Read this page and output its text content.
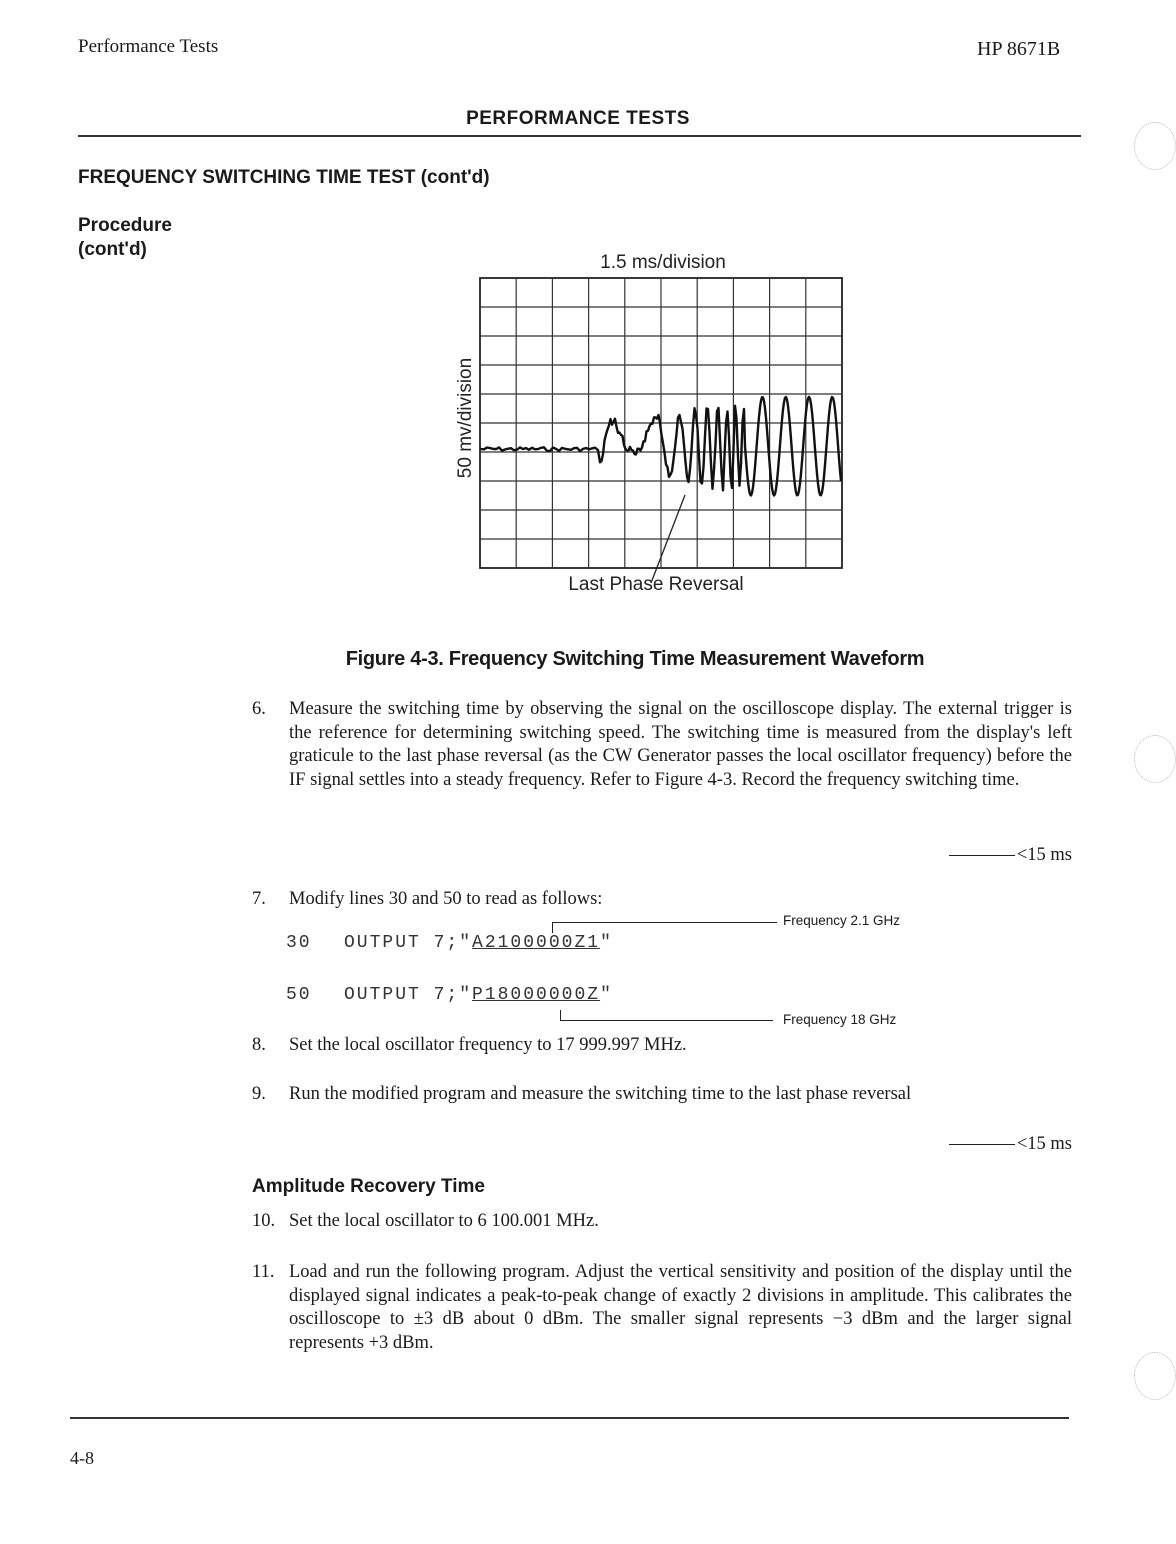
Performance Tests	HP 8671B
PERFORMANCE TESTS
FREQUENCY SWITCHING TIME TEST (cont'd)
Procedure
(cont'd)
1.5 ms/division
50 mv/division
Last Phase Reversal
Figure 4-3. Frequency Switching Time Measurement Waveform
6. Measure the switching time by observing the signal on the oscilloscope display. The external trigger is the reference for determining switching speed. The switching time is measured from the display's left graticule to the last phase reversal (as the CW Generator passes the local oscillator frequency) before the IF signal settles into a steady frequency. Refer to Figure 4-3. Record the frequency switching time.
<15 ms
7. Modify lines 30 and 50 to read as follows:
Frequency 2.1 GHz
30 OUTPUT 7;"A2100000Z1"
50 OUTPUT 7;"P18000000Z"
Frequency 18 GHz
8. Set the local oscillator frequency to 17 999.997 MHz.
9. Run the modified program and measure the switching time to the last phase reversal
<15 ms
Amplitude Recovery Time
10. Set the local oscillator to 6 100.001 MHz.
11. Load and run the following program. Adjust the vertical sensitivity and position of the display until the displayed signal indicates a peak-to-peak change of exactly 2 divisions in amplitude. This calibrates the oscilloscope to ±3 dB about 0 dBm. The smaller signal represents −3 dBm and the larger signal represents +3 dBm.
4-8
